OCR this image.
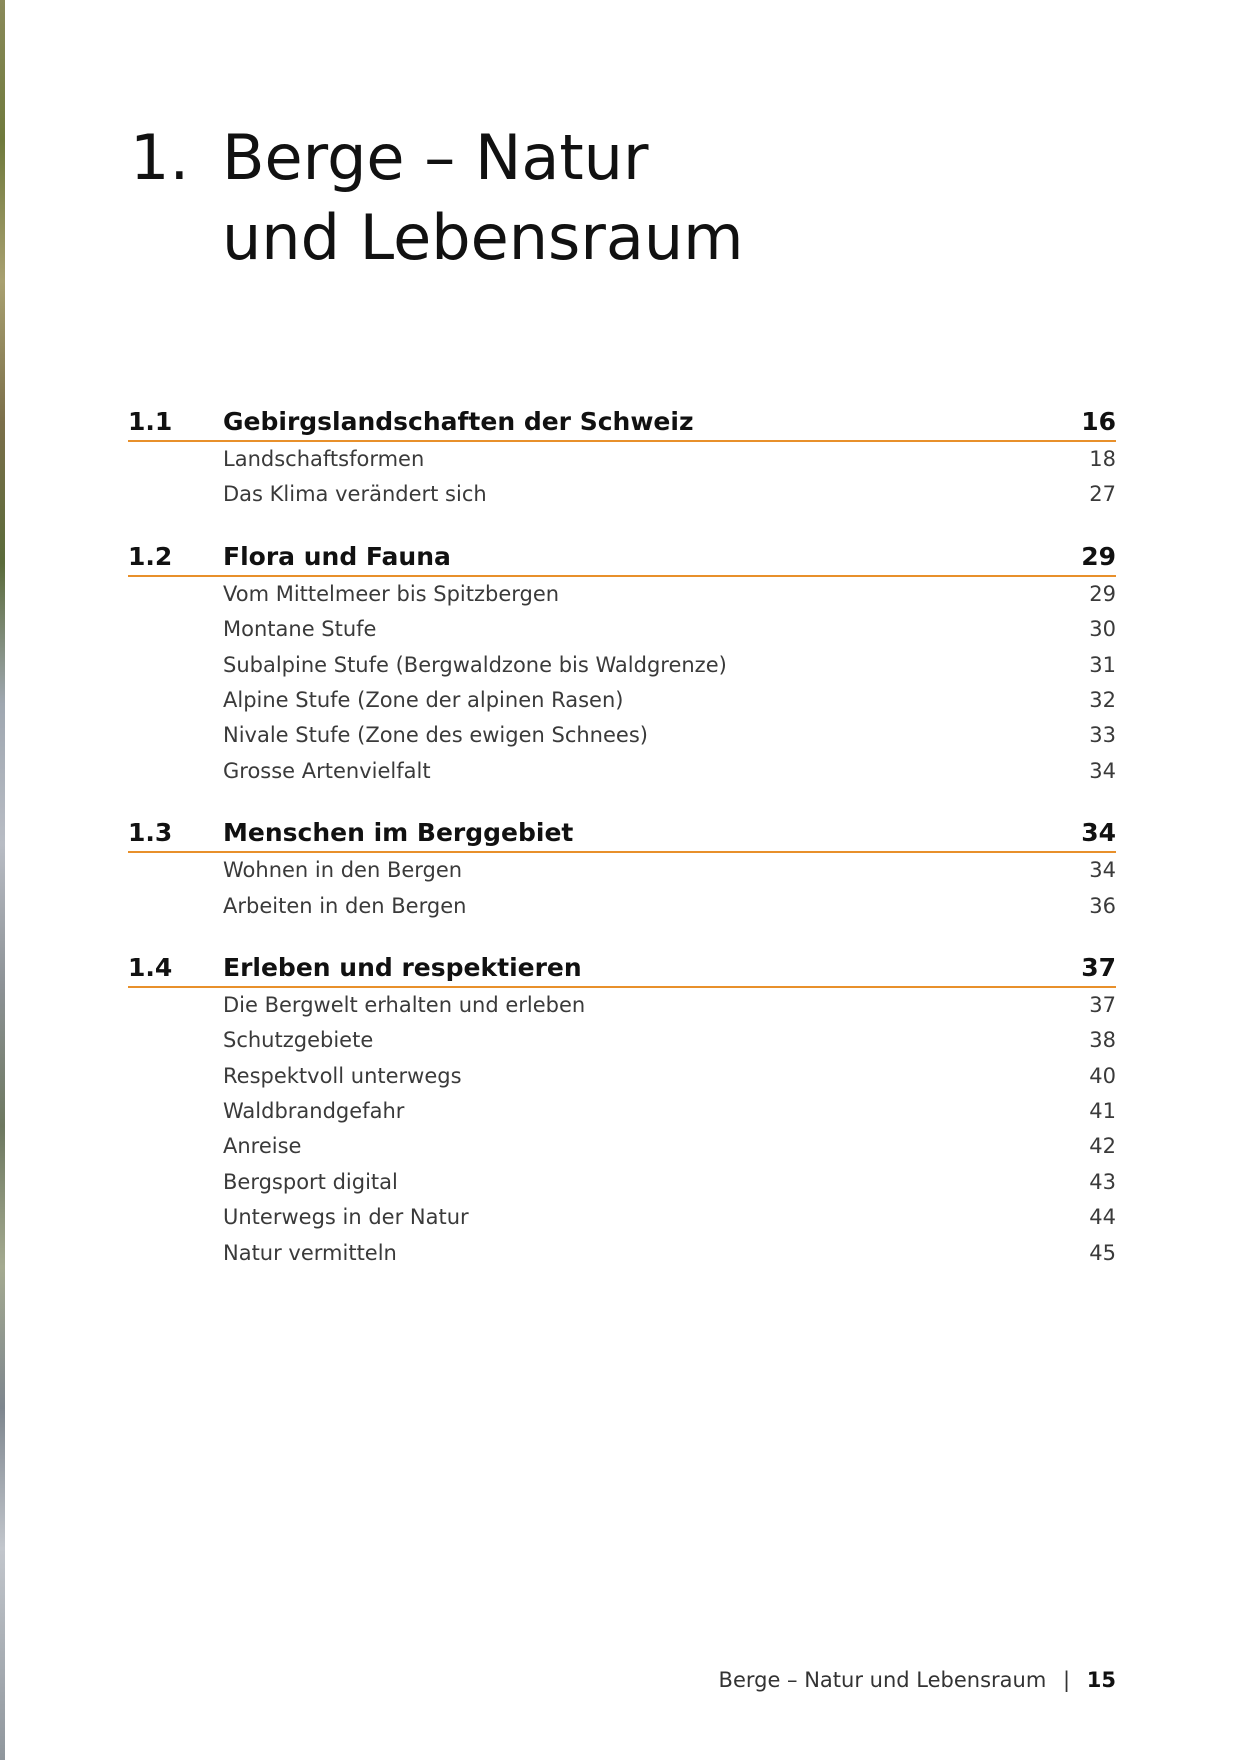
1. Berge – Natur
und Lebensraum
1.1 Gebirgslandschaften der Schweiz	16
Landschaftsformen	18
Das Klima verändert sich	27
1.2 Flora und Fauna	29
Vom Mittelmeer bis Spitzbergen	29
Montane Stufe	30
Subalpine Stufe (Bergwaldzone bis Waldgrenze)	31
Alpine Stufe (Zone der alpinen Rasen)	32
Nivale Stufe (Zone des ewigen Schnees)	33
Grosse Artenvielfalt	34
1.3 Menschen im Berggebiet	34
Wohnen in den Bergen	34
Arbeiten in den Bergen	36
1.4 Erleben und respektieren	37
Die Bergwelt erhalten und erleben	37
Schutzgebiete	38
Respektvoll unterwegs	40
Waldbrandgefahr	41
Anreise	42
Bergsport digital	43
Unterwegs in der Natur	44
Natur vermitteln	45
Berge – Natur und Lebensraum | 15
